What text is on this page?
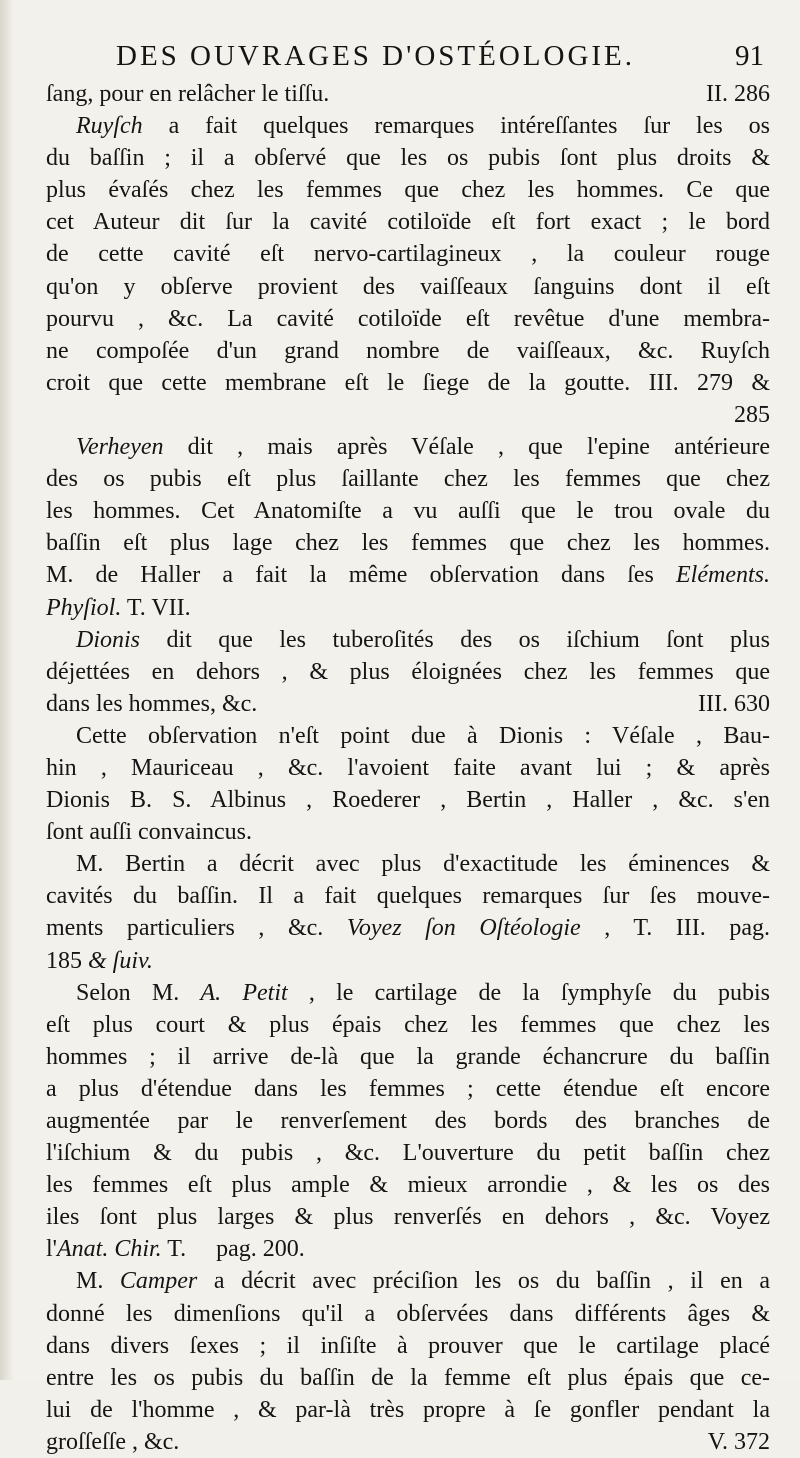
DES OUVRAGES D'OSTÉOLOGIE.	91
ſang, pour en relâcher le tiſſu.	II. 286
Ruyſch a fait quelques remarques intéreſſantes ſur les os
du baſſin ; il a obſervé que les os pubis ſont plus droits &
plus évaſés chez les femmes que chez les hommes. Ce que
cet Auteur dit ſur la cavité cotiloïde eſt fort exact ; le bord
de cette cavité eſt nervo-cartilagineux , la couleur rouge
qu'on y obſerve provient des vaiſſeaux ſanguins dont il eſt
pourvu , &c. La cavité cotiloïde eſt revêtue d'une membra-
ne compoſée d'un grand nombre de vaiſſeaux, &c. Ruyſch
croit que cette membrane eſt le ſiege de la goutte. III. 279 &
285
Verheyen dit , mais après Véſale , que l'epine antérieure
des os pubis eſt plus ſaillante chez les femmes que chez
les hommes. Cet Anatomiſte a vu auſſi que le trou ovale du
baſſin eſt plus lage chez les femmes que chez les hommes.
M. de Haller a fait la même obſervation dans ſes Eléments.
Phyſiol. T. VII.
Dionis dit que les tuberoſités des os iſchium ſont plus
déjettées en dehors , & plus éloignées chez les femmes que
dans les hommes, &c.	III. 630
Cette obſervation n'eſt point due à Dionis : Véſale , Bau-
hin , Mauriceau , &c. l'avoient faite avant lui ; & après
Dionis B. S. Albinus , Roederer , Bertin , Haller , &c. s'en
ſont auſſi convaincus.
M. Bertin a décrit avec plus d'exactitude les éminences &
cavités du baſſin. Il a fait quelques remarques ſur ſes mouve-
ments particuliers , &c. Voyez ſon Oſtéologie , T. III. pag.
185 & ſuiv.
Selon M. A. Petit , le cartilage de la ſymphyſe du pubis
eſt plus court & plus épais chez les femmes que chez les
hommes ; il arrive de-là que la grande échancrure du baſſin
a plus d'étendue dans les femmes ; cette étendue eſt encore
augmentée par le renverſement des bords des branches de
l'iſchium & du pubis , &c. L'ouverture du petit baſſin chez
les femmes eſt plus ample & mieux arrondie , & les os des
iles ſont plus larges & plus renverſés en dehors , &c. Voyez
l'Anat. Chir. T.     pag. 200.
M. Camper a décrit avec préciſion les os du baſſin , il en a
donné les dimenſions qu'il a obſervées dans différents âges &
dans divers ſexes ; il inſiſte à prouver que le cartilage placé
entre les os pubis du baſſin de la femme eſt plus épais que ce-
lui de l'homme , & par-là très propre à ſe gonfler pendant la
groſſeſſe , &c.	V. 372
